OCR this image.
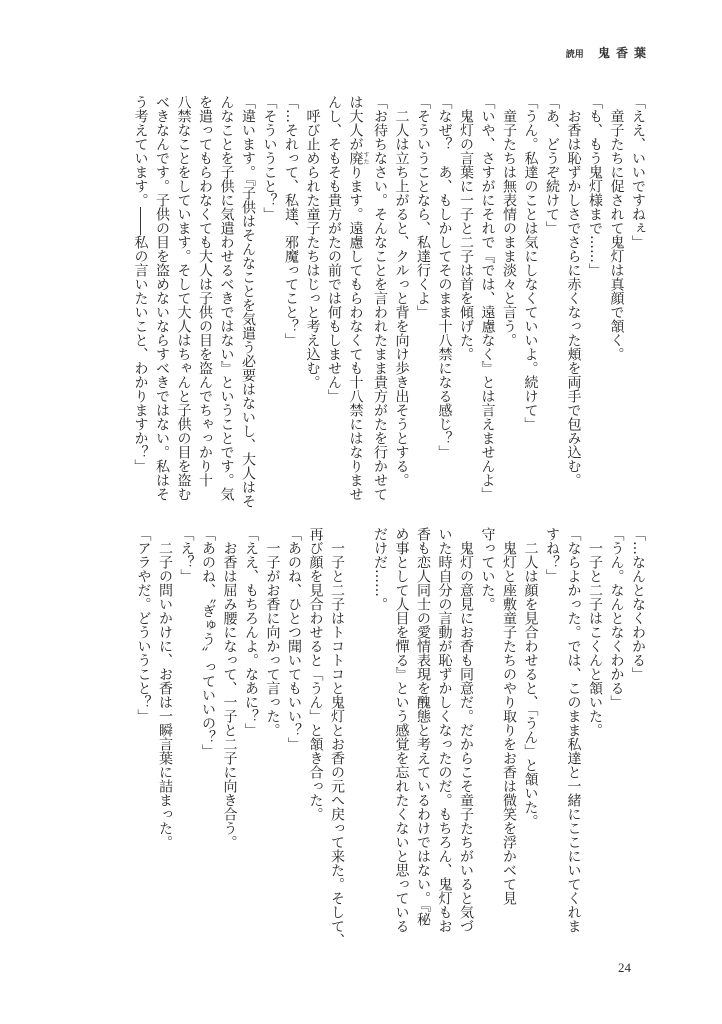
読用 鬼香葉
「ええ、いいですねぇ」
　童子たちに促されて鬼灯は真顔で頷く。
「も、もう鬼灯様まで……」
　お香は恥ずかしさでさらに赤くなった頬を両手で包み込む。
「あ、どうぞ続けて」
「うん。私達のことは気にしなくていいよ。続けて」
　童子たちは無表情のまま淡々と言う。
「いや、さすがにそれで『では、遠慮なく』とは言えませんよ」
　鬼灯の言葉に一子と二子は首を傾げた。
「なぜ？　あ、もしかしてそのまま十八禁になる感じ？」
「そういうことなら、私達行くよ」
　二人は立ち上がると、クルっと背を向け歩き出そうとする。
「お待ちなさい。そんなことを言われたまま貴方がたを行かせて
は大人が廃すたります。遠慮してもらわなくても十八禁にはなりませ
んし、そもそも貴方がたの前では何もしません」
　呼び止められた童子たちはじっと考え込む。
「…それって、私達、邪魔ってこと？」
「そういうこと？」
「違います。『子供はそんなことを気遣う必要はないし、大人はそ
んなことを子供に気遣わせるべきではない』ということです。気
を遣ってもらわなくても大人は子供の目を盗んでちゃっかり十
八禁なことをしています。そして大人はちゃんと子供の目を盗む
べきなんです。子供の目を盗めないならすべきではない。私はそ
う考えています。――私の言いたいこと、わかりますか？」
「…なんとなくわかる」
「うん。なんとなくわかる」
　一子と二子はこくんと頷いた。
「ならよかった。では、このまま私達と一緒にここにいてくれま
すね？」
　二人は顔を見合わせると、「うん」と頷いた。
　鬼灯と座敷童子たちのやり取りをお香は微笑を浮かべて見
守っていた。
　鬼灯の意見にお香も同意だ。だからこそ童子たちがいると気づ
いた時自分の言動が恥ずかしくなったのだ。もちろん、鬼灯もお
香も恋人同士の愛情表現を醜態と考えているわけではない。『秘
め事として人目を憚る』という感覚を忘れたくないと思っている
だけだ……。

　一子と二子はトコトコと鬼灯とお香の元へ戻って来た。そして、
再び顔を見合わせると「うん」と頷き合った。
「あのね、ひとつ聞いてもいい？」
　一子がお香に向かって言った。
「ええ、もちろんよ。なあに？」
　お香は屈み腰になって、一子と二子に向き合う。
「あのね、〝ぎゅう〟っていいの？」
「え？」
　二子の問いかけに、お香は一瞬言葉に詰まった。
「アラやだ。どういうこと？」
24
